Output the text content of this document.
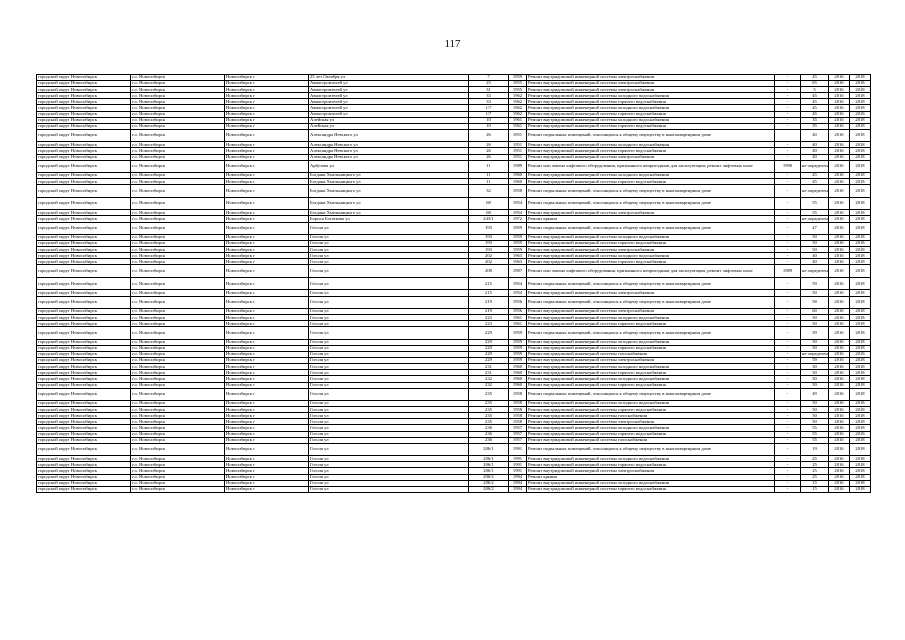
117
городской округ Новосибирск	г.о. Новосибирск	Новосибирск г	25 лет Октября ул	7	1959	Ремонт внутридомовой инженерной системы электроснабжения	-	45	2016	2018
городской округ Новосибирск	г.о. Новосибирск	Новосибирск г	Авиастроителей ул	25	1955	Ремонт внутридомовой инженерной системы электроснабжения	-	65	2016	2018
городской округ Новосибирск	г.о. Новосибирск	Новосибирск г	Авиастроителей ул	31	1955	Ремонт внутридомовой инженерной системы электроснабжения	-	5	2016	2018
городской округ Новосибирск	г.о. Новосибирск	Новосибирск г	Авиастроителей ул	33	1962	Ремонт внутридомовой инженерной системы холодного водоснабжения	-	45	2016	2018
городской округ Новосибирск	г.о. Новосибирск	Новосибирск г	Авиастроителей ул	33	1962	Ремонт внутридомовой инженерной системы горячего водоснабжения	-	45	2016	2018
городской округ Новосибирск	г.о. Новосибирск	Новосибирск г	Авиастроителей ул	1/7	1962	Ремонт внутридомовой инженерной системы холодного водоснабжения	-	45	2016	2018
городской округ Новосибирск	г.о. Новосибирск	Новосибирск г	Авиастроителей ул	1/7	1962	Ремонт внутридомовой инженерной системы горячего водоснабжения	-	45	2016	2018
городской округ Новосибирск	г.о. Новосибирск	Новосибирск г	Алейская ул	10	1961	Ремонт внутридомовой инженерной системы холодного водоснабжения	-	35	2016	2018
городской округ Новосибирск	г.о. Новосибирск	Новосибирск г	Алейская ул	10	1961	Ремонт внутридомовой инженерной системы горячего водоснабжения	-	35	2016	2018
городской округ Новосибирск	г.о. Новосибирск	Новосибирск г	Александра Невского ул	26	1951	Ремонт подвальных помещений, относящихся к общему имуществу в многоквартирном доме		40	2016	2018
городской округ Новосибирск	г.о. Новосибирск	Новосибирск г	Александра Невского ул	26	1951	Ремонт внутридомовой инженерной системы холодного водоснабжения	-	40	2016	2018
городской округ Новосибирск	г.о. Новосибирск	Новосибирск г	Александра Невского ул	26	1951	Ремонт внутридомовой инженерной системы горячего водоснабжения	-	40	2016	2018
городской округ Новосибирск	г.о. Новосибирск	Новосибирск г	Александра Невского ул	26	1951	Ремонт внутридомовой инженерной системы электроснабжения	-	40	2016	2018
городской округ Новосибирск	г.о. Новосибирск	Новосибирск г	Арбузова ул	11	1989	Ремонт или замена лифтового оборудования, признанного непригодным для эксплуатации, ремонт лифтовых шахт	1990	не определен	2016	2018
городской округ Новосибирск	г.о. Новосибирск	Новосибирск г	Богдана Хмельницкого ул	11	1960	Ремонт внутридомовой инженерной системы холодного водоснабжения	-	45	2016	2018
городской округ Новосибирск	г.о. Новосибирск	Новосибирск г	Богдана Хмельницкого ул	11	1960	Ремонт внутридомовой инженерной системы горячего водоснабжения	-	45	2016	2018
городской округ Новосибирск	г.о. Новосибирск	Новосибирск г	Богдана Хмельницкого ул	32	1958	Ремонт подвальных помещений, относящихся к общему имуществу в многоквартирном доме	-	не определен	2016	2018
городской округ Новосибирск	г.о. Новосибирск	Новосибирск г	Богдана Хмельницкого ул	68	1954	Ремонт подвальных помещений, относящихся к общему имуществу в многоквартирном доме	-	55	2016	2018
городской округ Новосибирск	г.о. Новосибирск	Новосибирск г	Богдана Хмельницкого ул	68	1954	Ремонт внутридомовой инженерной системы электроснабжения	-	55	2016	2018
городской округ Новосибирск	г.о. Новосибирск	Новосибирск г	Бориса Богаткова ул	243/1	1972	Ремонт крыши	-	не определен	2016	2018
городской округ Новосибирск	г.о. Новосибирск	Новосибирск г	Гоголя ул	193	1959	Ремонт подвальных помещений, относящихся к общему имуществу в многоквартирном доме	-	47	2016	2018
городской округ Новосибирск	г.о. Новосибирск	Новосибирск г	Гоголя ул	193	1959	Ремонт внутридомовой инженерной системы холодного водоснабжения	-	50	2016	2018
городской округ Новосибирск	г.о. Новосибирск	Новосибирск г	Гоголя ул	193	1959	Ремонт внутридомовой инженерной системы горячего водоснабжения	-	50	2016	2018
городской округ Новосибирск	г.о. Новосибирск	Новосибирск г	Гоголя ул	193	1959	Ремонт внутридомовой инженерной системы электроснабжения	-	50	2016	2018
городской округ Новосибирск	г.о. Новосибирск	Новосибирск г	Гоголя ул	202	1963	Ремонт внутридомовой инженерной системы холодного водоснабжения	-	40	2016	2018
городской округ Новосибирск	г.о. Новосибирск	Новосибирск г	Гоголя ул	202	1963	Ремонт внутридомовой инженерной системы горячего водоснабжения	-	40	2016	2018
городской округ Новосибирск	г.о. Новосибирск	Новосибирск г	Гоголя ул	208	1987	Ремонт или замена лифтового оборудования, признанного непригодным для эксплуатации, ремонт лифтовых шахт	1989	не определен	2016	2018
городской округ Новосибирск	г.о. Новосибирск	Новосибирск г	Гоголя ул	215	1954	Ремонт подвальных помещений, относящихся к общему имуществу в многоквартирном доме	-	59	2016	2018
городской округ Новосибирск	г.о. Новосибирск	Новосибирск г	Гоголя ул	215	1954	Ремонт внутридомовой инженерной системы электроснабжения	-	50	2016	2018
городской округ Новосибирск	г.о. Новосибирск	Новосибирск г	Гоголя ул	219	1956	Ремонт подвальных помещений, относящихся к общему имуществу в многоквартирном доме	-	58	2016	2018
городской округ Новосибирск	г.о. Новосибирск	Новосибирск г	Гоголя ул	219	1956	Ремонт внутридомовой инженерной системы электроснабжения	-	60	2016	2018
городской округ Новосибирск	г.о. Новосибирск	Новосибирск г	Гоголя ул	223	1961	Ремонт внутридомовой инженерной системы холодного водоснабжения	-	50	2016	2018
городской округ Новосибирск	г.о. Новосибирск	Новосибирск г	Гоголя ул	223	1961	Ремонт внутридомовой инженерной системы горячего водоснабжения	-	50	2016	2018
городской округ Новосибирск	г.о. Новосибирск	Новосибирск г	Гоголя ул	229	1959	Ремонт подвальных помещений, относящихся к общему имуществу в многоквартирном доме	-	39	2016	2018
городской округ Новосибирск	г.о. Новосибирск	Новосибирск г	Гоголя ул	229	1959	Ремонт внутридомовой инженерной системы холодного водоснабжения	-	50	2016	2018
городской округ Новосибирск	г.о. Новосибирск	Новосибирск г	Гоголя ул	229	1959	Ремонт внутридомовой инженерной системы горячего водоснабжения	-	50	2016	2018
городской округ Новосибирск	г.о. Новосибирск	Новосибирск г	Гоголя ул	229	1959	Ремонт внутридомовой инженерной системы газоснабжения	-	не определен	2016	2018
городской округ Новосибирск	г.о. Новосибирск	Новосибирск г	Гоголя ул	229	1959	Ремонт внутридомовой инженерной системы электроснабжения	-	59	2016	2018
городской округ Новосибирск	г.о. Новосибирск	Новосибирск г	Гоголя ул	231	1960	Ремонт внутридомовой инженерной системы холодного водоснабжения	-	30	2016	2018
городской округ Новосибирск	г.о. Новосибирск	Новосибирск г	Гоголя ул	231	1960	Ремонт внутридомовой инженерной системы горячего водоснабжения	-	30	2016	2018
городской округ Новосибирск	г.о. Новосибирск	Новосибирск г	Гоголя ул	232	1960	Ремонт внутридомовой инженерной системы холодного водоснабжения	-	50	2016	2018
городской округ Новосибирск	г.о. Новосибирск	Новосибирск г	Гоголя ул	232	1960	Ремонт внутридомовой инженерной системы горячего водоснабжения	-	50	2016	2018
городской округ Новосибирск	г.о. Новосибирск	Новосибирск г	Гоголя ул	235	1958	Ремонт подвальных помещений, относящихся к общему имуществу в многоквартирном доме	-	49	2016	2018
городской округ Новосибирск	г.о. Новосибирск	Новосибирск г	Гоголя ул	235	1958	Ремонт внутридомовой инженерной системы холодного водоснабжения	-	50	2016	2018
городской округ Новосибирск	г.о. Новосибирск	Новосибирск г	Гоголя ул	235	1958	Ремонт внутридомовой инженерной системы горячего водоснабжения	-	50	2016	2018
городской округ Новосибирск	г.о. Новосибирск	Новосибирск г	Гоголя ул	235	1958	Ремонт внутридомовой инженерной системы газоснабжения	-	50	2016	2018
городской округ Новосибирск	г.о. Новосибирск	Новосибирск г	Гоголя ул	235	1958	Ремонт внутридомовой инженерной системы электроснабжения	-	50	2016	2018
городской округ Новосибирск	г.о. Новосибирск	Новосибирск г	Гоголя ул	236	1957	Ремонт внутридомовой инженерной системы холодного водоснабжения	-	55	2016	2018
городской округ Новосибирск	г.о. Новосибирск	Новосибирск г	Гоголя ул	236	1957	Ремонт внутридомовой инженерной системы горячего водоснабжения	-	55	2016	2018
городской округ Новосибирск	г.о. Новосибирск	Новосибирск г	Гоголя ул	236	1957	Ремонт внутридомовой инженерной системы газоснабжения	-	55	2016	2018
городской округ Новосибирск	г.о. Новосибирск	Новосибирск г	Гоголя ул	206/1	1991	Ремонт подвальных помещений, относящихся к общему имуществу в многоквартирном доме	-	19	2016	2018
городской округ Новосибирск	г.о. Новосибирск	Новосибирск г	Гоголя ул	206/1	1991	Ремонт внутридомовой инженерной системы холодного водоснабжения	-	25	2016	2018
городской округ Новосибирск	г.о. Новосибирск	Новосибирск г	Гоголя ул	206/1	1991	Ремонт внутридомовой инженерной системы горячего водоснабжения	-	25	2016	2018
городской округ Новосибирск	г.о. Новосибирск	Новосибирск г	Гоголя ул	206/1	1991	Ремонт внутридомовой инженерной системы электроснабжения	-	25	2016	2018
городской округ Новосибирск	г.о. Новосибирск	Новосибирск г	Гоголя ул	206/2	1994	Ремонт крыши	-	25	2016	2018
городской округ Новосибирск	г.о. Новосибирск	Новосибирск г	Гоголя ул	206/2	1994	Ремонт внутридомовой инженерной системы холодного водоснабжения	-	15	2016	2018
городской округ Новосибирск	г.о. Новосибирск	Новосибирск г	Гоголя ул	206/2	1994	Ремонт внутридомовой инженерной системы горячего водоснабжения	-	15	2016	2018
